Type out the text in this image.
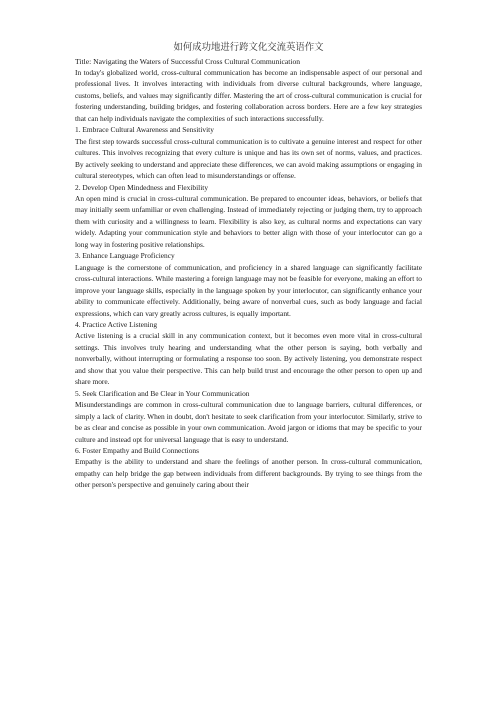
如何成功地进行跨文化交流英语作文

Title: Navigating the Waters of Successful Cross Cultural Communication

In today's globalized world, cross-cultural communication has become an indispensable aspect of our personal and professional lives. It involves interacting with individuals from diverse cultural backgrounds, where language, customs, beliefs, and values may significantly differ. Mastering the art of cross-cultural communication is crucial for fostering understanding, building bridges, and fostering collaboration across borders. Here are a few key strategies that can help individuals navigate the complexities of such interactions successfully.

1. Embrace Cultural Awareness and Sensitivity

The first step towards successful cross-cultural communication is to cultivate a genuine interest and respect for other cultures. This involves recognizing that every culture is unique and has its own set of norms, values, and practices. By actively seeking to understand and appreciate these differences, we can avoid making assumptions or engaging in cultural stereotypes, which can often lead to misunderstandings or offense.

2. Develop Open Mindedness and Flexibility

An open mind is crucial in cross-cultural communication. Be prepared to encounter ideas, behaviors, or beliefs that may initially seem unfamiliar or even challenging. Instead of immediately rejecting or judging them, try to approach them with curiosity and a willingness to learn. Flexibility is also key, as cultural norms and expectations can vary widely. Adapting your communication style and behaviors to better align with those of your interlocutor can go a long way in fostering positive relationships.

3. Enhance Language Proficiency

Language is the cornerstone of communication, and proficiency in a shared language can significantly facilitate cross-cultural interactions. While mastering a foreign language may not be feasible for everyone, making an effort to improve your language skills, especially in the language spoken by your interlocutor, can significantly enhance your ability to communicate effectively. Additionally, being aware of nonverbal cues, such as body language and facial expressions, which can vary greatly across cultures, is equally important.

4. Practice Active Listening

Active listening is a crucial skill in any communication context, but it becomes even more vital in cross-cultural settings. This involves truly hearing and understanding what the other person is saying, both verbally and nonverbally, without interrupting or formulating a response too soon. By actively listening, you demonstrate respect and show that you value their perspective. This can help build trust and encourage the other person to open up and share more.

5. Seek Clarification and Be Clear in Your Communication

Misunderstandings are common in cross-cultural communication due to language barriers, cultural differences, or simply a lack of clarity. When in doubt, don't hesitate to seek clarification from your interlocutor. Similarly, strive to be as clear and concise as possible in your own communication. Avoid jargon or idioms that may be specific to your culture and instead opt for universal language that is easy to understand.

6. Foster Empathy and Build Connections

Empathy is the ability to understand and share the feelings of another person. In cross-cultural communication, empathy can help bridge the gap between individuals from different backgrounds. By trying to see things from the other person's perspective and genuinely caring about their
